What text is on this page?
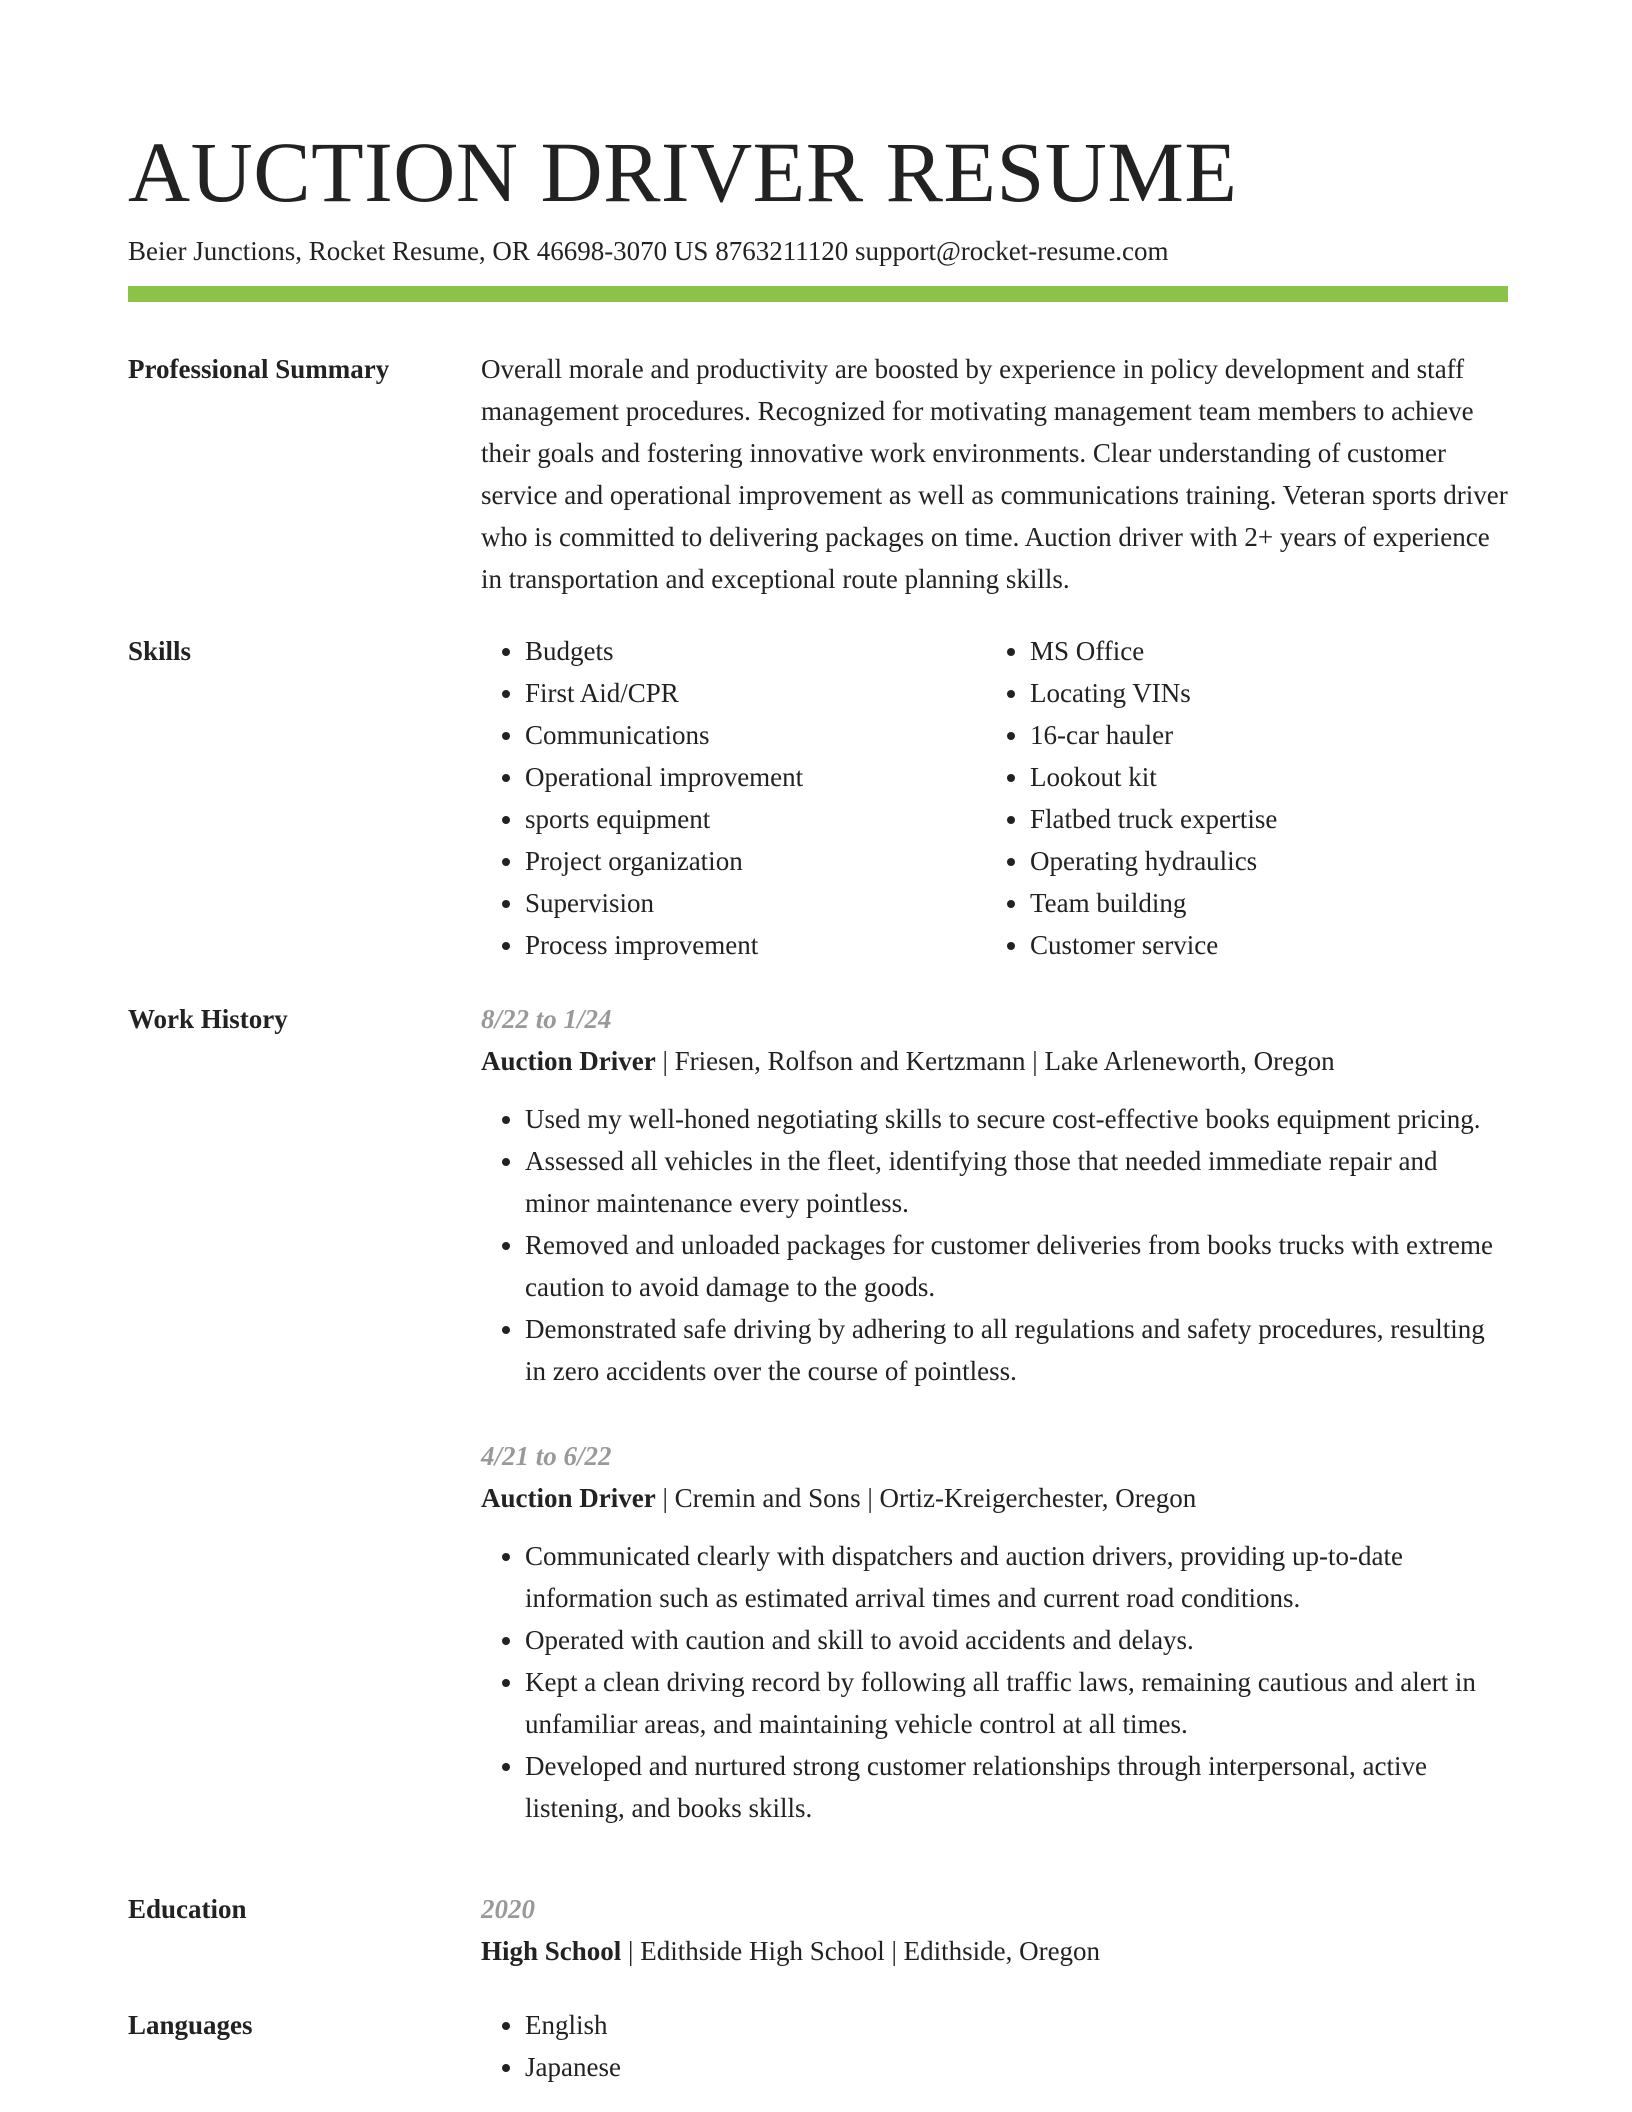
AUCTION DRIVER RESUME
Beier Junctions, Rocket Resume, OR 46698-3070 US 8763211120 support@rocket-resume.com
Professional Summary	Overall morale and productivity are boosted by experience in policy development and staff management procedures. Recognized for motivating management team members to achieve their goals and fostering innovative work environments. Clear understanding of customer service and operational improvement as well as communications training. Veteran sports driver who is committed to delivering packages on time. Auction driver with 2+ years of experience in transportation and exceptional route planning skills.

Skills	• Budgets
• First Aid/CPR
• Communications
• Operational improvement
• sports equipment
• Project organization
• Supervision
• Process improvement
• MS Office
• Locating VINs
• 16-car hauler
• Lookout kit
• Flatbed truck expertise
• Operating hydraulics
• Team building
• Customer service
Work History	8/22 to 1/24
Auction Driver | Friesen, Rolfson and Kertzmann | Lake Arleneworth, Oregon
• Used my well-honed negotiating skills to secure cost-effective books equipment pricing.
• Assessed all vehicles in the fleet, identifying those that needed immediate repair and minor maintenance every pointless.
• Removed and unloaded packages for customer deliveries from books trucks with extreme caution to avoid damage to the goods.
• Demonstrated safe driving by adhering to all regulations and safety procedures, resulting in zero accidents over the course of pointless.
4/21 to 6/22
Auction Driver | Cremin and Sons | Ortiz-Kreigerchester, Oregon
• Communicated clearly with dispatchers and auction drivers, providing up-to-date information such as estimated arrival times and current road conditions.
• Operated with caution and skill to avoid accidents and delays.
• Kept a clean driving record by following all traffic laws, remaining cautious and alert in unfamiliar areas, and maintaining vehicle control at all times.
• Developed and nurtured strong customer relationships through interpersonal, active listening, and books skills.
Education	2020
High School | Edithside High School | Edithside, Oregon
Languages	• English
• Japanese
